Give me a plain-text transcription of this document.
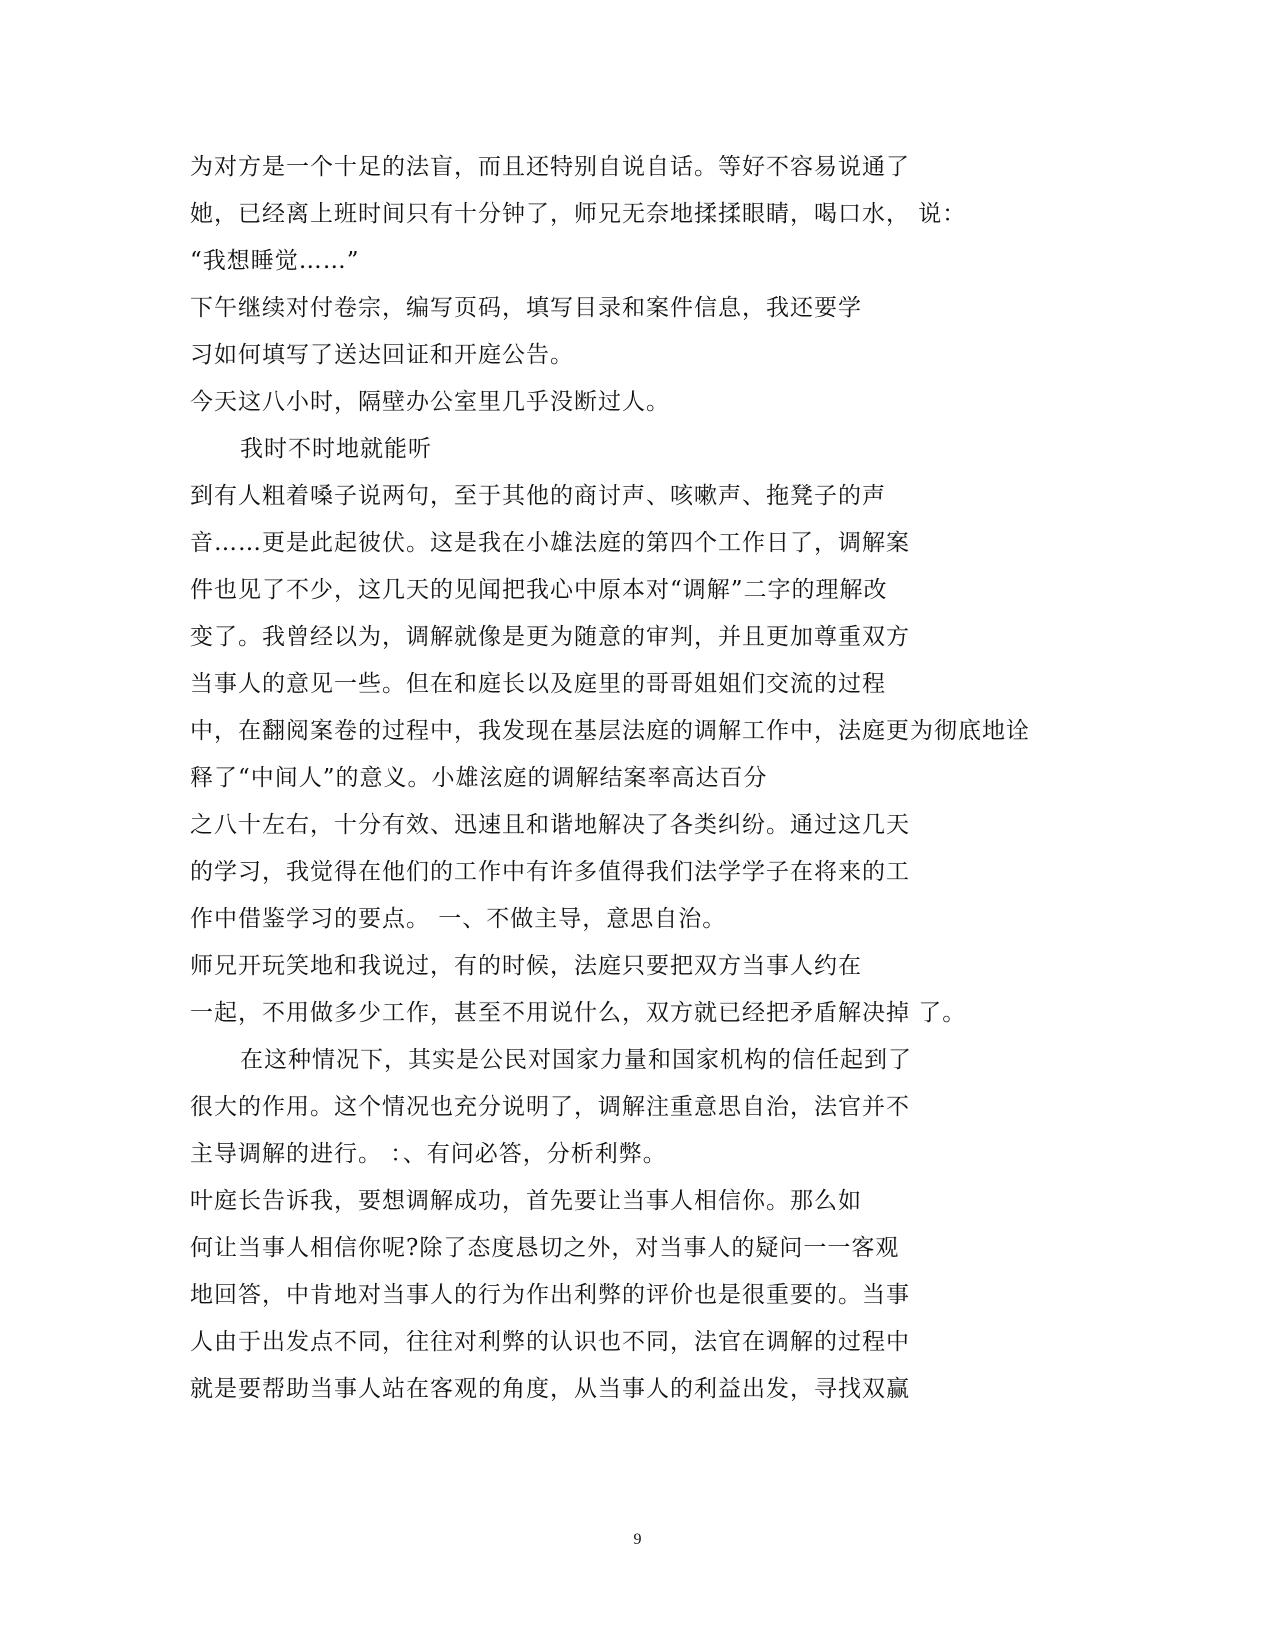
为对方是一个十足的法盲，而且还特别自说自话。等好不容易说通了
她，已经离上班时间只有十分钟了，师兄无奈地揉揉眼睛，喝口水， 说：
“我想睡觉……”
下午继续对付卷宗，编写页码，填写目录和案件信息，我还要学
习如何填写了送达回证和开庭公告。
今天这八小时，隔壁办公室里几乎没断过人。
我时不时地就能听
到有人粗着嗓子说两句，至于其他的商讨声、咳嗽声、拖凳子的声
音……更是此起彼伏。这是我在小雄法庭的第四个工作日了，调解案
件也见了不少，这几天的见闻把我心中原本对“调解”二字的理解改
变了。我曾经以为，调解就像是更为随意的审判，并且更加尊重双方
当事人的意见一些。但在和庭长以及庭里的哥哥姐姐们交流的过程
中，在翻阅案卷的过程中，我发现在基层法庭的调解工作中，法庭更为彻底地诠
释了“中间人”的意义。小雄泫庭的调解结案率高达百分
之八十左右，十分有效、迅速且和谐地解决了各类纠纷。通过这几天
的学习，我觉得在他们的工作中有许多值得我们法学学子在将来的工
作中借鉴学习的要点。 一、不做主导，意思自治。
师兄开玩笑地和我说过，有的时候，法庭只要把双方当事人约在
一起，不用做多少工作，甚至不用说什么，双方就已经把矛盾解决掉 了。
在这种情况下，其实是公民对国家力量和国家机构的信任起到了
很大的作用。这个情况也充分说明了，调解注重意思自治，法官并不
主导调解的进行。 ：、有问必答，分析利弊。
叶庭长告诉我，要想调解成功，首先要让当事人相信你。那么如
何让当事人相信你呢?除了态度恳切之外，对当事人的疑问一一客观
地回答，中肯地对当事人的行为作出利弊的评价也是很重要的。当事
人由于出发点不同，往往对利弊的认识也不同，法官在调解的过程中
就是要帮助当事人站在客观的角度，从当事人的利益出发，寻找双赢
9
